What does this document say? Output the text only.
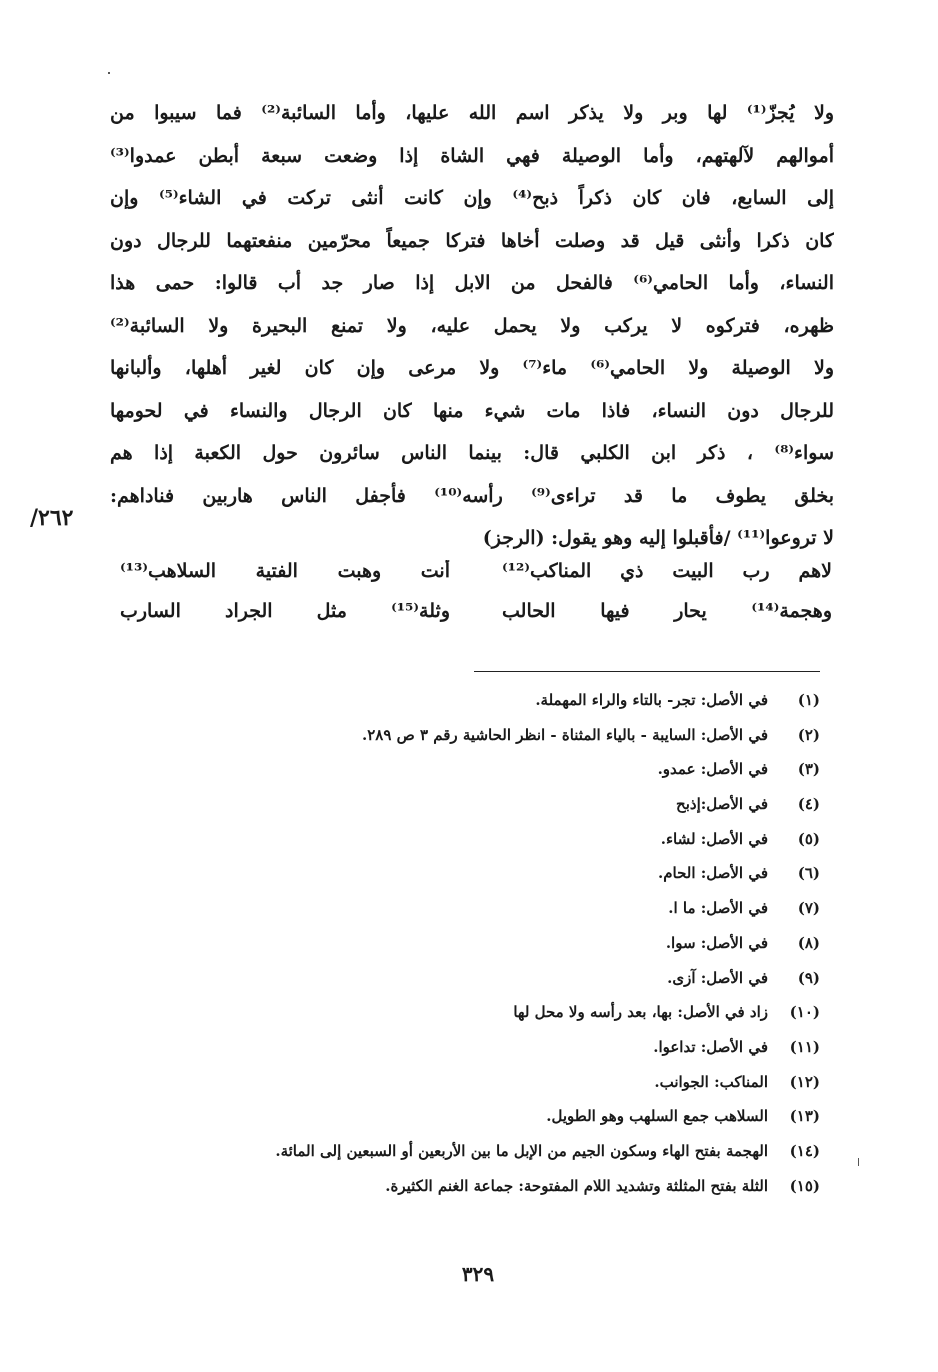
ولا يُجزّ⁽¹⁾ لها وبر ولا يذكر اسم الله عليها، وأما السائبة⁽²⁾ فما سيبوا من
أموالهم لآلهتهم، وأما الوصيلة فهي الشاة إذا وضعت سبعة أبطن عمدوا⁽³⁾
إلى السابع، فان كان ذكراً ذبح⁽⁴⁾ وإن كانت أنثى تركت في الشاء⁽⁵⁾ وإن
كان ذكرا وأنثى قيل قد وصلت أخاها فتركا جميعاً محرّمين منفعتهما للرجال دون
النساء، وأما الحامي⁽⁶⁾ فالفحل من الابل إذا صار جد أب قالوا: حمى هذا
ظهره، فتركوه لا يركب ولا يحمل عليه، ولا تمنع البحيرة ولا السائبة⁽²⁾
ولا الوصيلة ولا الحامي⁽⁶⁾ ماء⁽⁷⁾ ولا مرعى وإن كان لغير أهلها، وألبانها
للرجال دون النساء، فاذا مات شيء منها كان الرجال والنساء في لحومها
سواء⁽⁸⁾ ، ذكر ابن الكلبي قال: بينما الناس سائرون حول الكعبة إذا هم
بخلق يطوف ما قد تراءى⁽⁹⁾ رأسه⁽¹⁰⁾ فأجفل الناس هاربين فناداهم:
لا تروعوا⁽¹¹⁾ /فأقبلوا إليه وهو يقول: (الرجز)
٢٦٢/
لاهم رب البيت ذي المناكب⁽¹²⁾
أنت وهبت الفتية السلاهب⁽¹³⁾
وهجمة⁽¹⁴⁾ يحار فيها الحالب
وثلة⁽¹⁵⁾ مثل الجراد السارب
(١)
في الأصل: تجر- بالتاء والراء المهملة.
(٢)
في الأصل: السايبة - بالياء المثناة - انظر الحاشية رقم ٣ ص ٢٨٩.
(٣)
في الأصل: عمدو.
(٤)
في الأصل:إذبح
(٥)
في الأصل: لشاء.
(٦)
في الأصل: الحام.
(٧)
في الأصل: ما ا.
(٨)
في الأصل: سوا.
(٩)
في الأصل: آزى.
(١٠)
زاد في الأصل: بها، بعد رأسه ولا محل لها
(١١)
في الأصل: تداعوا.
(١٢)
المناكب: الجوانب.
(١٣)
السلاهب جمع السلهب وهو الطويل.
(١٤)
الهجمة بفتح الهاء وسكون الجيم من الإبل ما بين الأربعين أو السبعين إلى المائة.
(١٥)
الثلة بفتح المثلثة وتشديد اللام المفتوحة: جماعة الغنم الكثيرة.
٣٢٩
